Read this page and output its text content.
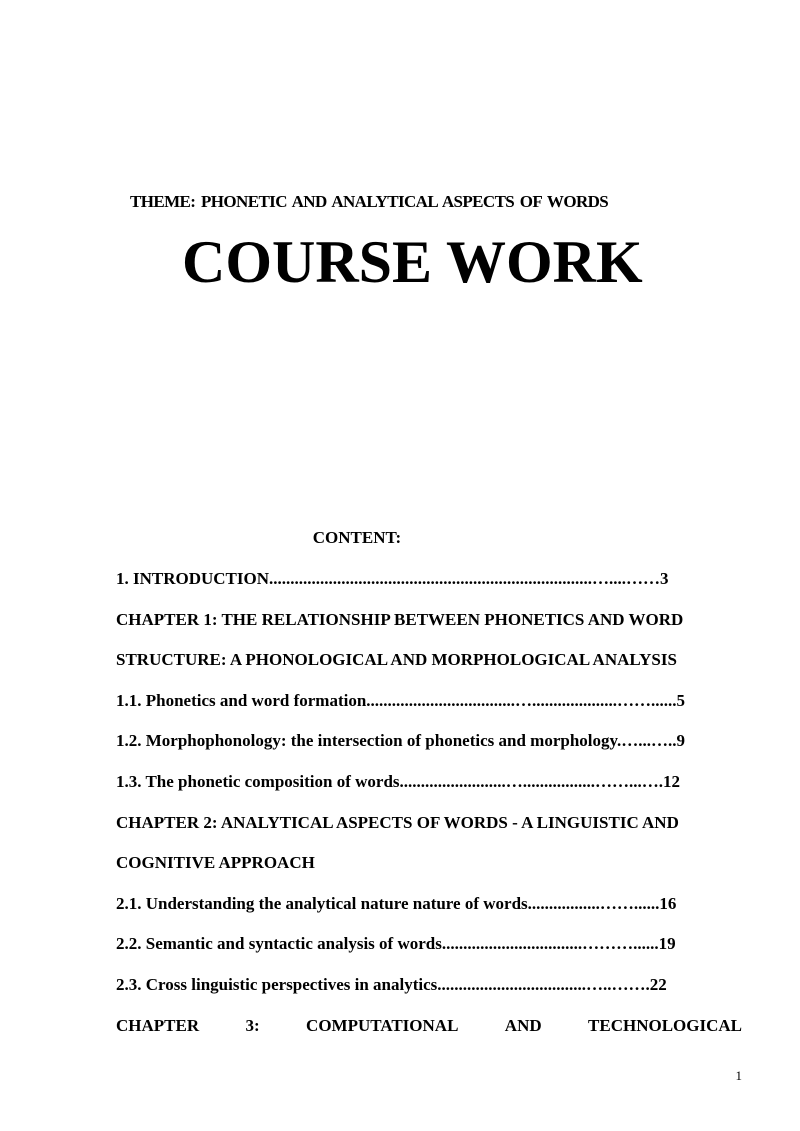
THEME: PHONETIC AND ANALYTICAL ASPECTS OF WORDS
COURSE WORK
CONTENT:
1. INTRODUCTION............................................................................…....……3
CHAPTER 1: THE RELATIONSHIP BETWEEN PHONETICS AND WORD
STRUCTURE: A PHONOLOGICAL AND MORPHOLOGICAL ANALYSIS
1.1. Phonetics and word formation...................................…....................……......5
1.2. Morphophonology: the intersection of phonetics and morphology.…...…..9
1.3. The phonetic composition of words.........................….................……...….12
CHAPTER 2: ANALYTICAL ASPECTS OF WORDS - A LINGUISTIC AND
COGNITIVE APPROACH
2.1. Understanding the analytical nature nature of words.................……......16
2.2. Semantic and syntactic analysis of words.................................………......19
2.3. Cross linguistic perspectives in analytics...................................…..…….22
CHAPTER	3:	COMPUTATIONAL	AND	TECHNOLOGICAL
1
